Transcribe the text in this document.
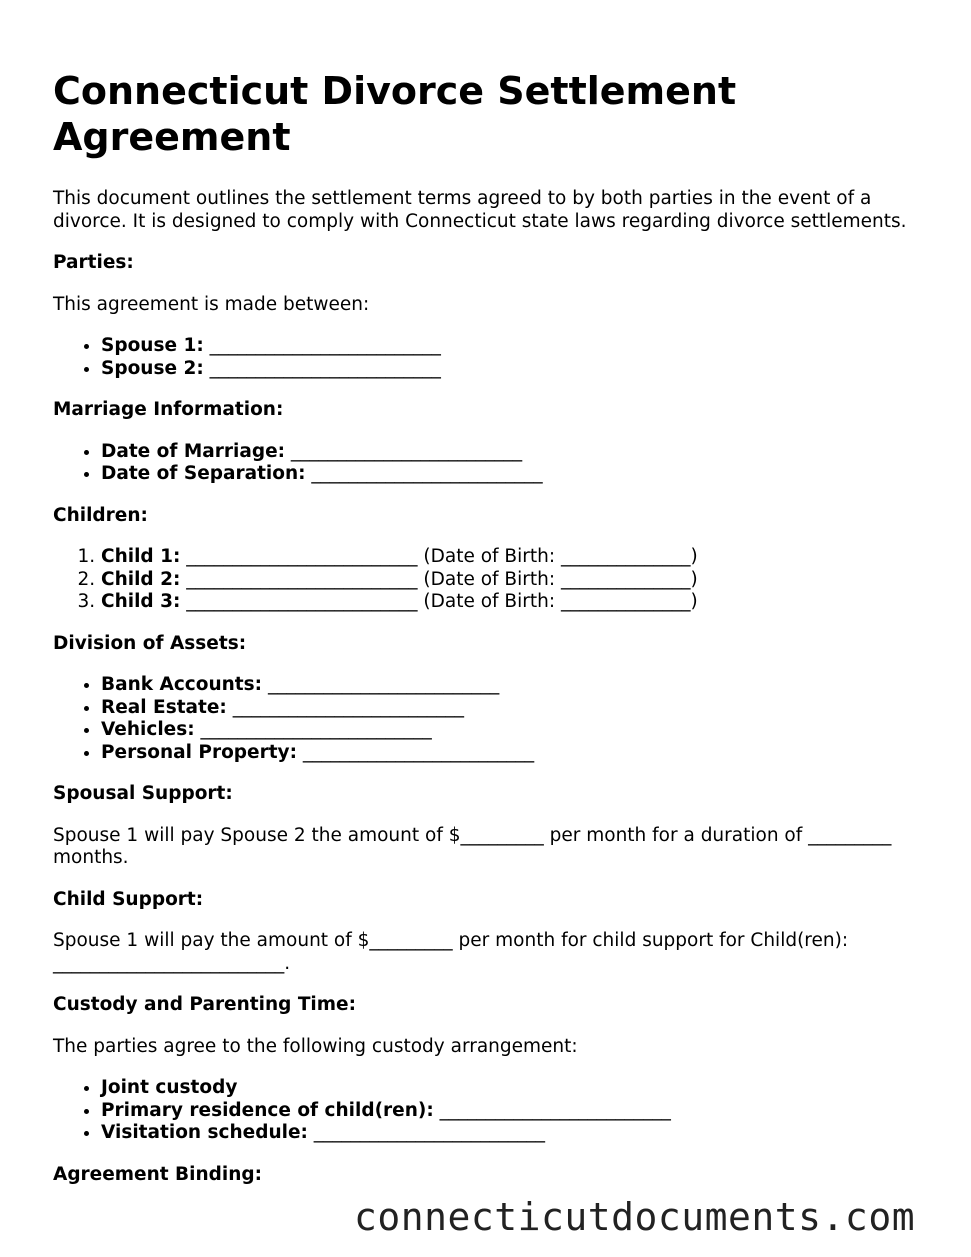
Connecticut Divorce Settlement Agreement

This document outlines the settlement terms agreed to by both parties in the event of a divorce. It is designed to comply with Connecticut state laws regarding divorce settlements.

Parties:

This agreement is made between:

• Spouse 1: _________________________
• Spouse 2: _________________________
Marriage Information:
• Date of Marriage: _________________________
• Date of Separation: _________________________
Children:
1. Child 1: _________________________ (Date of Birth: ______________)
2. Child 2: _________________________ (Date of Birth: ______________)
3. Child 3: _________________________ (Date of Birth: ______________)
Division of Assets:
• Bank Accounts: _________________________
• Real Estate: _________________________
• Vehicles: _________________________
• Personal Property: _________________________
Spousal Support:

Spouse 1 will pay Spouse 2 the amount of $_________ per month for a duration of _________ months.

Child Support:

Spouse 1 will pay the amount of $_________ per month for child support for Child(ren): _________________________.

Custody and Parenting Time:

The parties agree to the following custody arrangement:

• Joint custody
• Primary residence of child(ren): _________________________
• Visitation schedule: _________________________
Agreement Binding:
connecticutdocuments.com
